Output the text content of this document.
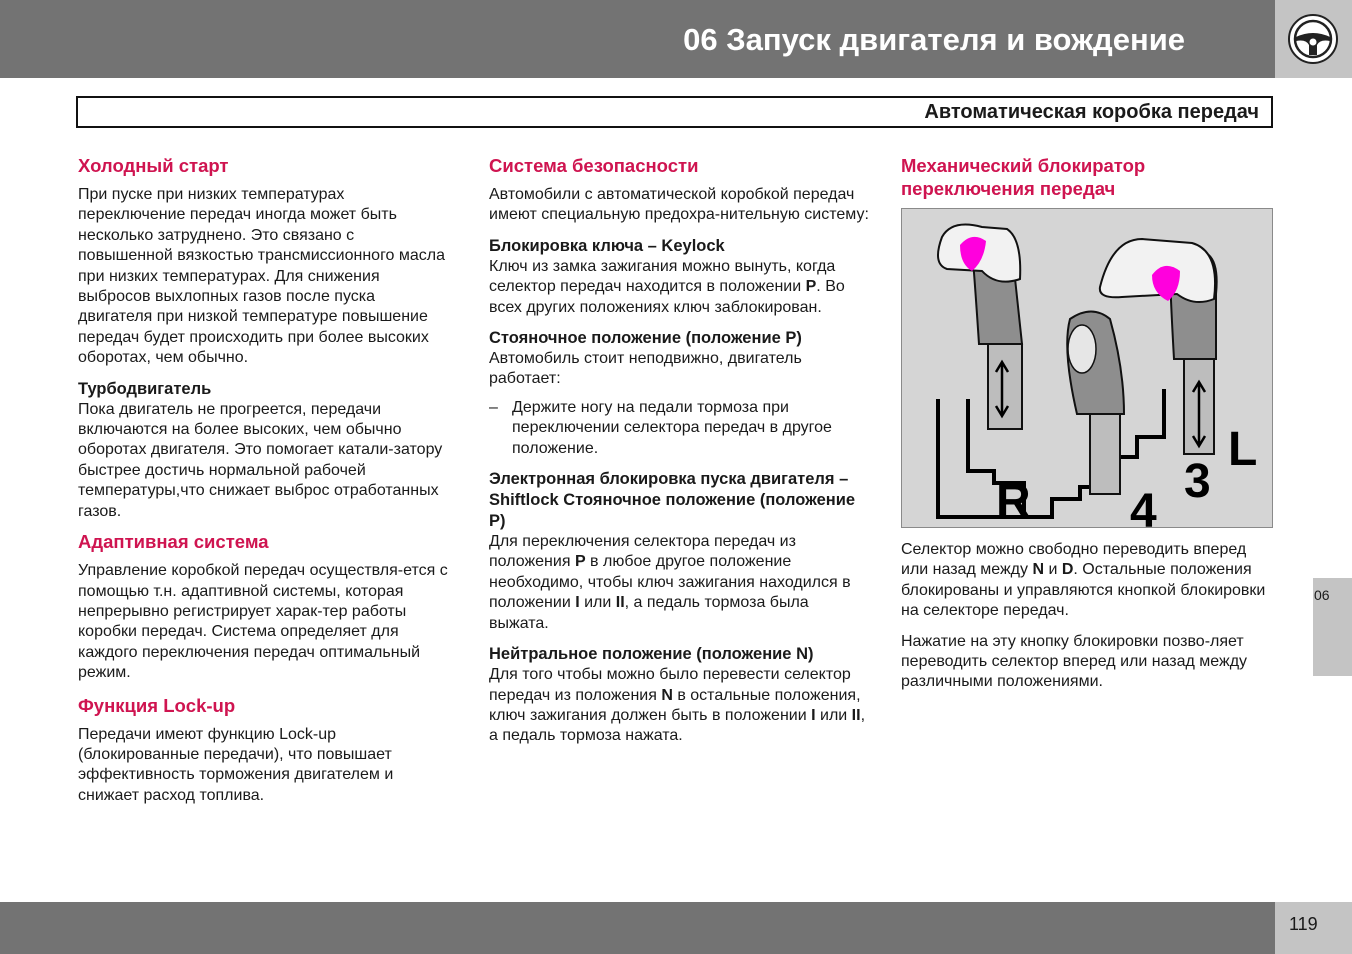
06 Запуск двигателя и вождение
Автоматическая коробка передач
Холодный старт

При пуске при низких температурах переключение передач иногда может быть несколько затруднено. Это связано с повышенной вязкостью трансмиссионного масла при низких температурах. Для снижения выбросов выхлопных газов после пуска двигателя при низкой температуре повышение передач будет происходить при более высоких оборотах, чем обычно.

Турбодвигатель

Пока двигатель не прогреется, передачи включаются на более высоких, чем обычно оборотах двигателя. Это помогает катали-затору быстрее достичь нормальной рабочей температуры,что снижает выброс отработанных газов.

Адаптивная система

Управление коробкой передач осуществля-ется с помощью т.н. адаптивной системы, которая непрерывно регистрирует харак-тер работы коробки передач. Система определяет для каждого переключения передач оптимальный режим.

Функция Lock-up

Передачи имеют функцию Lock-up (блокированные передачи), что повышает эффективность торможения двигателем и снижает расход топлива.

Система безопасности

Автомобили с автоматической коробкой передач имеют специальную предохра-нительную систему:

Блокировка ключа – Keylock

Ключ из замка зажигания можно вынуть, когда селектор передач находится в положении P. Во всех других положениях ключ заблокирован.

Стояночное положение (положение P)

Автомобиль стоит неподвижно, двигатель работает:

– Держите ногу на педали тормоза при переключении селектора передач в другое положение.
Электронная блокировка пуска двигателя – Shiftlock Стояночное положение (положение P)

Для переключения селектора передач из положения P в любое другое положение необходимо, чтобы ключ зажигания находился в положении I или II, а педаль тормоза была выжата.

Нейтральное положение (положение N)

Для того чтобы можно было перевести селектор передач из положения N в остальные положения, ключ зажигания должен быть в положении I или II, а педаль тормоза нажата.

Механический блокиратор переключения передач
R 4
3
L

Селектор можно свободно переводить вперед или назад между N и D. Остальные положения блокированы и управляются кнопкой блокировки на селекторе передач.

Нажатие на эту кнопку блокировки позво-ляет переводить селектор вперед или назад между различными положениями.

06
119
